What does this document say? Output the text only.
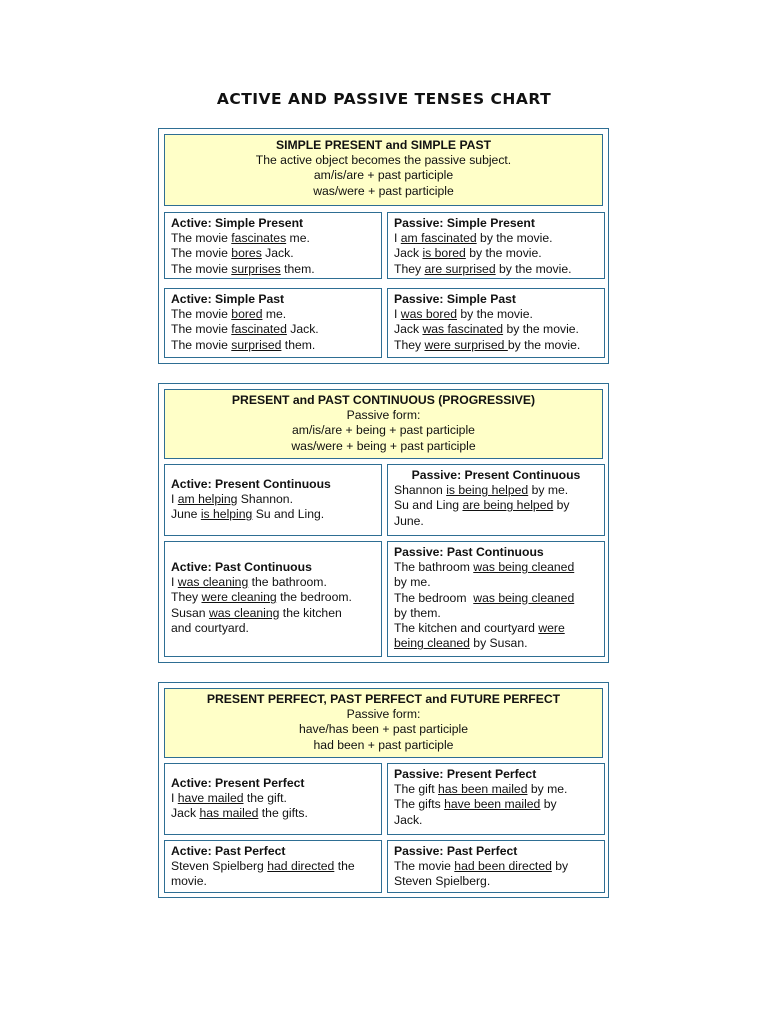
ACTIVE AND PASSIVE TENSES CHART
SIMPLE PRESENT and SIMPLE PAST
The active object becomes the passive subject.
am/is/are + past participle
was/were + past participle
Active: Simple Present
The movie fascinates me.
The movie bores Jack.
The movie surprises them.
Passive: Simple Present
I am fascinated by the movie.
Jack is bored by the movie.
They are surprised by the movie.
Active: Simple Past
The movie bored me.
The movie fascinated Jack.
The movie surprised them.
Passive: Simple Past
I was bored by the movie.
Jack was fascinated by the movie.
They were surprised by the movie.
PRESENT and PAST CONTINUOUS (PROGRESSIVE)
Passive form:
am/is/are + being + past participle
was/were + being + past participle
Active: Present Continuous
I am helping Shannon.
June is helping Su and Ling.
Passive: Present Continuous
Shannon is being helped by me.
Su and Ling are being helped by
June.
Active: Past Continuous
I was cleaning the bathroom.
They were cleaning the bedroom.
Susan was cleaning the kitchen
and courtyard.
Passive: Past Continuous
The bathroom was being cleaned
by me.
The bedroom  was being cleaned
by them.
The kitchen and courtyard were
being cleaned by Susan.
PRESENT PERFECT, PAST PERFECT and FUTURE PERFECT
Passive form:
have/has been + past participle
had been + past participle
Active: Present Perfect
I have mailed the gift.
Jack has mailed the gifts.
Passive: Present Perfect
The gift has been mailed by me.
The gifts have been mailed by
Jack.
Active: Past Perfect
Steven Spielberg had directed the
movie.
Passive: Past Perfect
The movie had been directed by
Steven Spielberg.
